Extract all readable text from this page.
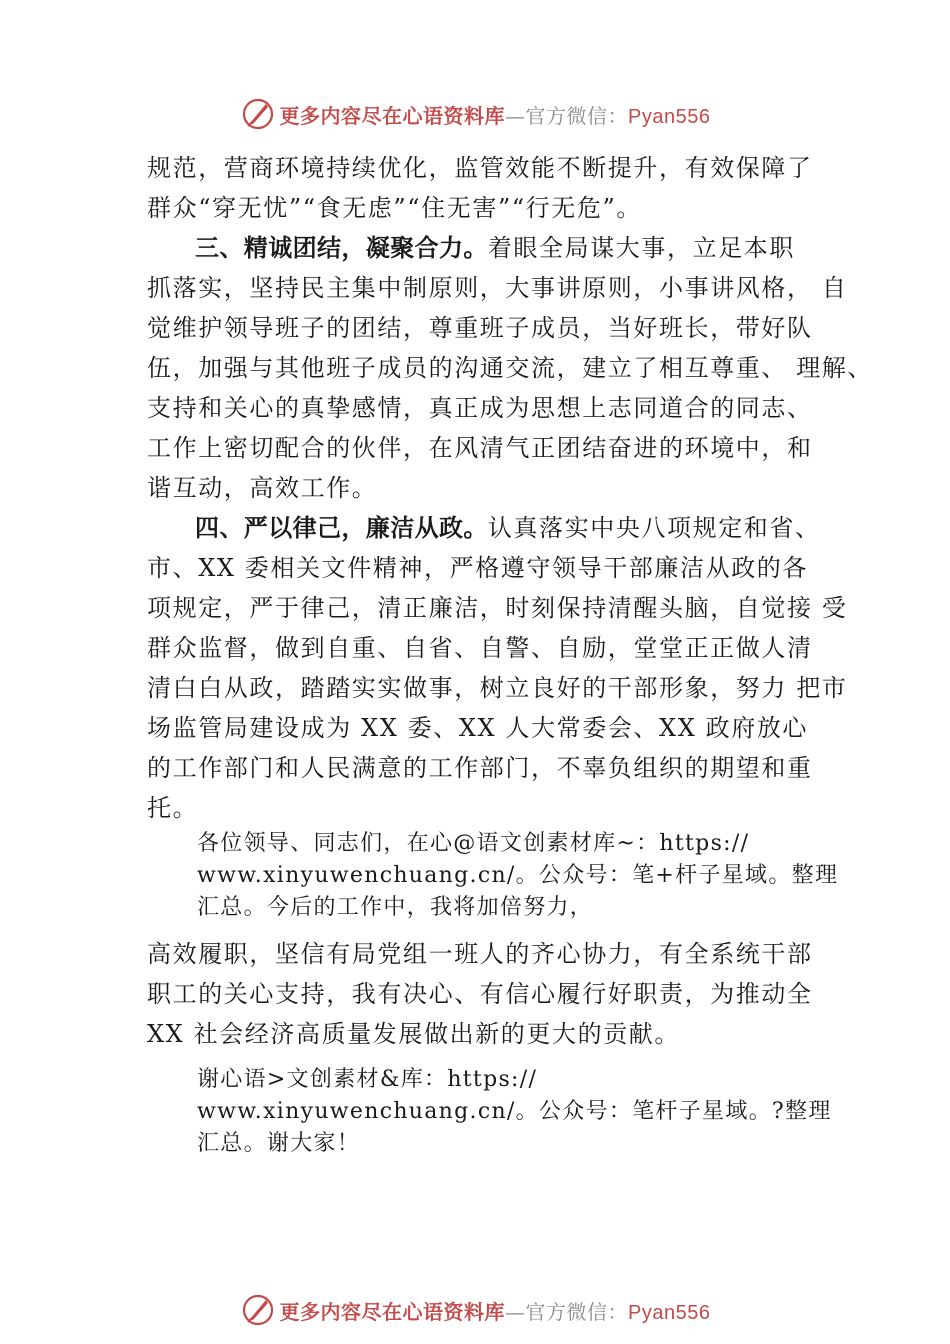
更多内容尽在心语资料库—官方微信：Pyan556
规范，营商环境持续优化，监管效能不断提升，有效保障了
群众“穿无忧”“食无虑”“住无害”“行无危”。
三、精诚团结，凝聚合力。着眼全局谋大事，立足本职
抓落实，坚持民主集中制原则，大事讲原则，小事讲风格， 自
觉维护领导班子的团结，尊重班子成员，当好班长，带好队
伍，加强与其他班子成员的沟通交流，建立了相互尊重、 理解、
支持和关心的真挚感情，真正成为思想上志同道合的同志、
工作上密切配合的伙伴，在风清气正团结奋进的环境中，和
谐互动，高效工作。
四、严以律己，廉洁从政。认真落实中央八项规定和省、
市、XX 委相关文件精神，严格遵守领导干部廉洁从政的各
项规定，严于律己，清正廉洁，时刻保持清醒头脑，自觉接 受
群众监督，做到自重、自省、自警、自励，堂堂正正做人清
清白白从政，踏踏实实做事，树立良好的干部形象，努力 把市
场监管局建设成为 XX 委、XX 人大常委会、XX 政府放心
的工作部门和人民满意的工作部门，不辜负组织的期望和重
托。
各位领导、同志们，在心@语文创素材库~：https://
www.xinyuwenchuang.cn/。公众号：笔+杆子星域。整理
汇总。今后的工作中，我将加倍努力，
高效履职，坚信有局党组一班人的齐心协力，有全系统干部
职工的关心支持，我有决心、有信心履行好职责，为推动全
XX 社会经济高质量发展做出新的更大的贡献。
谢心语>文创素材&库：https://
www.xinyuwenchuang.cn/。公众号：笔杆子星域。?整理
汇总。谢大家！
更多内容尽在心语资料库—官方微信：Pyan556
